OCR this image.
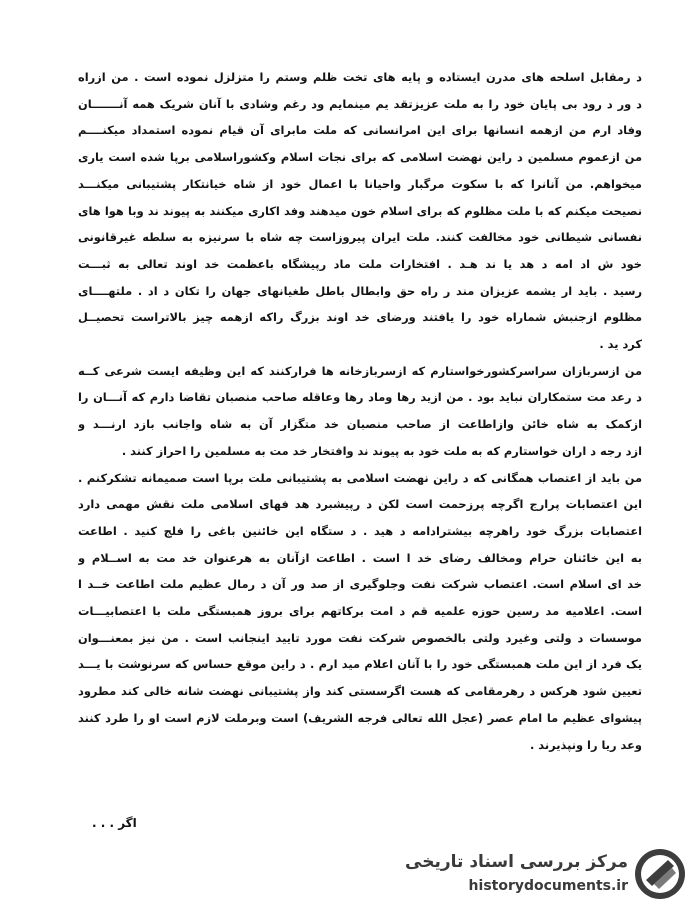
د رمقابل اسلحه های مدرن ایستاده و پایه های تخت ظلم وستم را متزلزل نموده است . من ازراه
د ور د رود بی پایان خود را به ملت عزیزتقد یم مینمایم ود رغم وشادی با آنان شریک همه آنـــــــان
وفاد ارم من ازهمه انسانها برای این امرانسانی که ملت مابرای آن قیام نموده استمداد میکنــــم
من ازعموم مسلمین د راین نهضت اسلامی که برای نجات اسلام وکشوراسلامی برپا شده است یاری
میخواهم. من آنانرا که با سکوت مرگبار واحیانا با اعمال خود از شاه خیانتکار پشتیبانی میکنـــد
نصیحت میکنم که با ملت مظلوم که برای اسلام خون میدهند وفد اکاری میکنند به پیوند ند وبا هوا های
نفسانی شیطانی خود مخالفت کنند. ملت ایران پیروزاست چه شاه با سرنیزه به سلطه غیرقانونی
خود ش اد امه د هد یا ند هـد . افتخارات ملت ماد رپیشگاه باعظمت خد اوند تعالی به ثبـــت
رسید . باید ار یشمه عزیزان مند ر راه حق وابطال باطل طغیانهای جهان را تکان د اد . ملتهــــای
مظلوم ازجنبش شماراه خود را یافتند ورضای خد اوند بزرگ راکه ازهمه چیز بالاتراست تحصیــل
کرد ید .
من ازسربازان سراسرکشورخواستارم که ازسربازخانه ها فرارکنند که این وظیفه ایست شرعی کــه
د رعد مت ستمکاران نباید بود . من ازید رها وماد رها وعاقله صاحب منصبان تقاضا دارم که آنـــان را
ازکمک به شاه خائن وازاطاعت از صاحب منصبان خد متگزار آن به شاه واجانب بازد ارنـــد و
ازد رجه د اران خواستارم که به ملت خود به پیوند ند وافتخار خد مت به مسلمین را احراز کنند .
من باید از اعتصاب همگانی که د راین نهضت اسلامی به پشتیبانی ملت برپا است صمیمانه تشکرکنم .
این اعتصابات پرارج اگرچه پرزحمت است لکن د رپیشبرد هد فهای اسلامی ملت نقش مهمی دارد
اعتصابات بزرگ خود راهرچه بیشترادامه د هید . د ستگاه این خائنین باغی را فلج کنید . اطاعت
به این خائنان حرام ومخالف رضای خد ا است . اطاعت ازآنان به هرعنوان خد مت به اســلام و
خد ای اسلام است. اعتصاب شرکت نفت وجلوگیری از صد ور آن د رمال عظیم ملت اطاعت خــد ا
است. اعلامیه مد رسین حوزه علمیه قم د امت برکاتهم برای بروز همبستگی ملت با اعتصابیـــات
موسسات د ولتی وغیرد ولتی بالخصوص شرکت نفت مورد تایید اینجانب است . من نیز بمعنـــوان
یک فرد از این ملت همبستگی خود را با آنان اعلام مید ارم . د راین موقع حساس که سرنوشت با یـــد
تعیین شود هرکس د رهرمقامی که هست اگرسستی کند واز پشتیبانی نهضت شانه خالی کند مطرود
پیشوای عظیم ما امام عصر (عجل الله تعالی فرجه الشریف) است وبرملت لازم است او را طرد کنند
وعد ریا را ونپذیرند .
اگر . . .
مرکز بررسی اسناد تاریخی
historydocuments.ir
